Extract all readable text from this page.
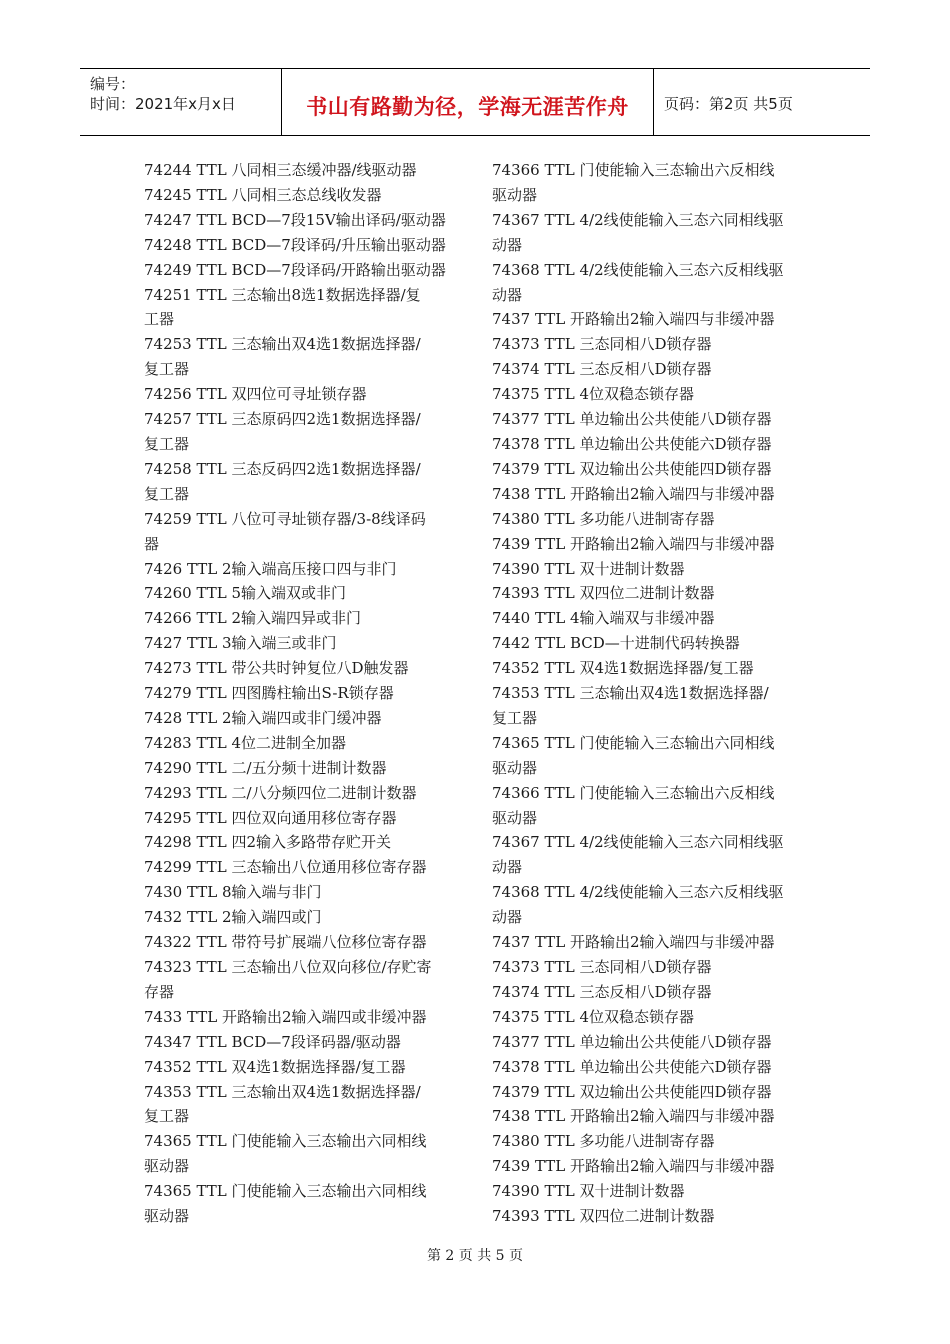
编号：
时间：2021年x月x日	书山有路勤为径，学海无涯苦作舟	页码：第2页 共5页
74244 TTL 八同相三态缓冲器/线驱动器
74245 TTL 八同相三态总线收发器
74247 TTL BCD—7段15V输出译码/驱动器
74248 TTL BCD—7段译码/升压输出驱动器
74249 TTL BCD—7段译码/开路输出驱动器
74251 TTL 三态输出8选1数据选择器/复
工器
74253 TTL 三态输出双4选1数据选择器/
复工器
74256 TTL 双四位可寻址锁存器
74257 TTL 三态原码四2选1数据选择器/
复工器
74258 TTL 三态反码四2选1数据选择器/
复工器
74259 TTL 八位可寻址锁存器/3-8线译码
器
7426 TTL 2输入端高压接口四与非门
74260 TTL 5输入端双或非门
74266 TTL 2输入端四异或非门
7427 TTL 3输入端三或非门
74273 TTL 带公共时钟复位八D触发器
74279 TTL 四图腾柱输出S-R锁存器
7428 TTL 2输入端四或非门缓冲器
74283 TTL 4位二进制全加器
74290 TTL 二/五分频十进制计数器
74293 TTL 二/八分频四位二进制计数器
74295 TTL 四位双向通用移位寄存器
74298 TTL 四2输入多路带存贮开关
74299 TTL 三态输出八位通用移位寄存器
7430 TTL 8输入端与非门
7432 TTL 2输入端四或门
74322 TTL 带符号扩展端八位移位寄存器
74323 TTL 三态输出八位双向移位/存贮寄
存器
7433 TTL 开路输出2输入端四或非缓冲器
74347 TTL BCD—7段译码器/驱动器
74352 TTL 双4选1数据选择器/复工器
74353 TTL 三态输出双4选1数据选择器/
复工器
74365 TTL 门使能输入三态输出六同相线
驱动器
74365 TTL 门使能输入三态输出六同相线
驱动器
74366 TTL 门使能输入三态输出六反相线
驱动器
74367 TTL 4/2线使能输入三态六同相线驱
动器
74368 TTL 4/2线使能输入三态六反相线驱
动器
7437 TTL 开路输出2输入端四与非缓冲器
74373 TTL 三态同相八D锁存器
74374 TTL 三态反相八D锁存器
74375 TTL 4位双稳态锁存器
74377 TTL 单边输出公共使能八D锁存器
74378 TTL 单边输出公共使能六D锁存器
74379 TTL 双边输出公共使能四D锁存器
7438 TTL 开路输出2输入端四与非缓冲器
74380 TTL 多功能八进制寄存器
7439 TTL 开路输出2输入端四与非缓冲器
74390 TTL 双十进制计数器
74393 TTL 双四位二进制计数器
7440 TTL 4输入端双与非缓冲器
7442 TTL BCD—十进制代码转换器
74352 TTL 双4选1数据选择器/复工器
74353 TTL 三态输出双4选1数据选择器/
复工器
74365 TTL 门使能输入三态输出六同相线
驱动器
74366 TTL 门使能输入三态输出六反相线
驱动器
74367 TTL 4/2线使能输入三态六同相线驱
动器
74368 TTL 4/2线使能输入三态六反相线驱
动器
7437 TTL 开路输出2输入端四与非缓冲器
74373 TTL 三态同相八D锁存器
74374 TTL 三态反相八D锁存器
74375 TTL 4位双稳态锁存器
74377 TTL 单边输出公共使能八D锁存器
74378 TTL 单边输出公共使能六D锁存器
74379 TTL 双边输出公共使能四D锁存器
7438 TTL 开路输出2输入端四与非缓冲器
74380 TTL 多功能八进制寄存器
7439 TTL 开路输出2输入端四与非缓冲器
74390 TTL 双十进制计数器
74393 TTL 双四位二进制计数器
第 2 页 共 5 页
